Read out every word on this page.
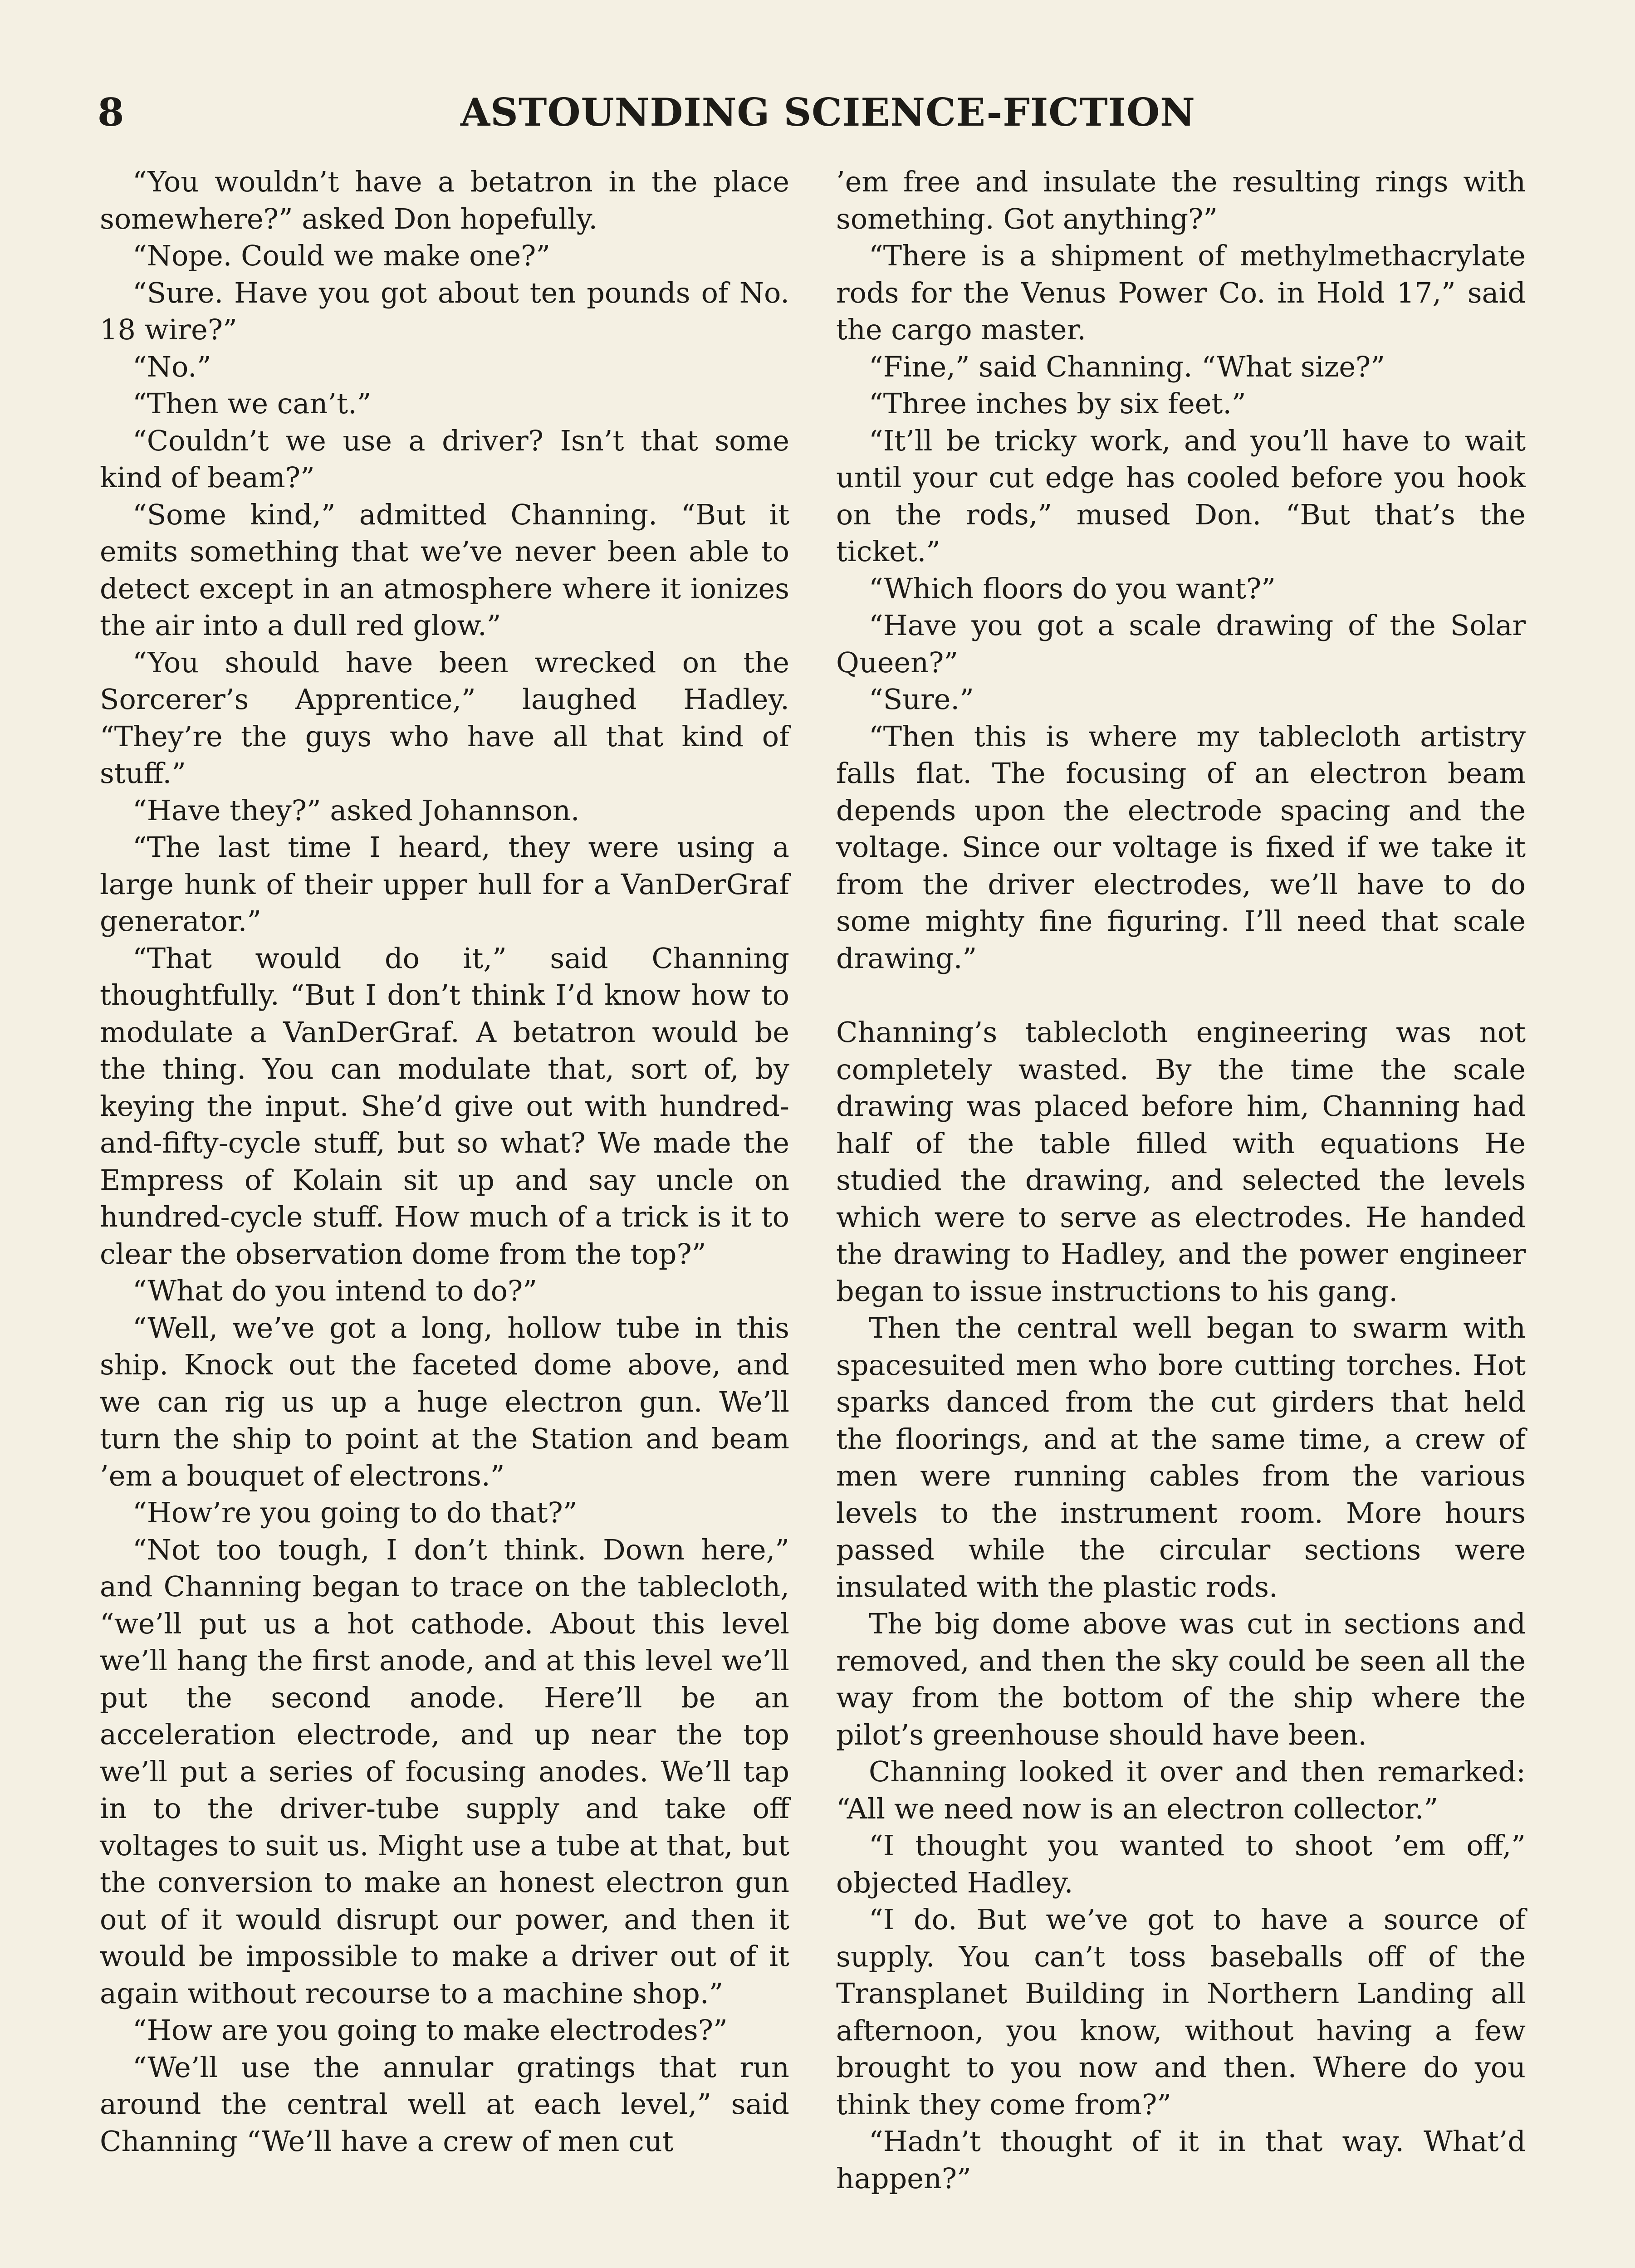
8	ASTOUNDING SCIENCE-FICTION

“You wouldn’t have a betatron in the place somewhere?” asked Don hopefully.

“Nope. Could we make one?”

“Sure. Have you got about ten pounds of No. 18 wire?”

“No.”

“Then we can’t.”

“Couldn’t we use a driver? Isn’t that some kind of beam?”

“Some kind,” admitted Channing. “But it emits something that we’ve never been able to detect except in an atmosphere where it ionizes the air into a dull red glow.”

“You should have been wrecked on the Sorcerer’s Apprentice,” laughed Hadley. “They’re the guys who have all that kind of stuff.”

“Have they?” asked Johannson.

“The last time I heard, they were using a large hunk of their upper hull for a VanDerGraf generator.”

“That would do it,” said Channing thoughtfully. “But I don’t think I’d know how to modulate a VanDerGraf. A betatron would be the thing. You can modulate that, sort of, by keying the input. She’d give out with hundred-and-fifty-cycle stuff, but so what? We made the Empress of Kolain sit up and say uncle on hundred-cycle stuff. How much of a trick is it to clear the observation dome from the top?”

“What do you intend to do?”

“Well, we’ve got a long, hollow tube in this ship. Knock out the faceted dome above, and we can rig us up a huge electron gun. We’ll turn the ship to point at the Station and beam ’em a bouquet of electrons.”

“How’re you going to do that?”

“Not too tough, I don’t think. Down here,” and Channing began to trace on the tablecloth, “we’ll put us a hot cathode. About this level we’ll hang the first anode, and at this level we’ll put the second anode. Here’ll be an acceleration electrode, and up near the top we’ll put a series of focusing anodes. We’ll tap in to the driver-tube supply and take off voltages to suit us. Might use a tube at that, but the conversion to make an honest electron gun out of it would disrupt our power, and then it would be impossible to make a driver out of it again without recourse to a machine shop.”

“How are you going to make electrodes?”

“We’ll use the annular gratings that run around the central well at each level,” said Channing “We’ll have a crew of men cut

’em free and insulate the resulting rings with something. Got anything?”

“There is a shipment of methylmethacrylate rods for the Venus Power Co. in Hold 17,” said the cargo master.

“Fine,” said Channing. “What size?”

“Three inches by six feet.”

“It’ll be tricky work, and you’ll have to wait until your cut edge has cooled before you hook on the rods,” mused Don. “But that’s the ticket.”

“Which floors do you want?”

“Have you got a scale drawing of the Solar Queen?”

“Sure.”

“Then this is where my tablecloth artistry falls flat. The focusing of an electron beam depends upon the electrode spacing and the voltage. Since our voltage is fixed if we take it from the driver electrodes, we’ll have to do some mighty fine figuring. I’ll need that scale drawing.”

Channing’s tablecloth engineering was not completely wasted. By the time the scale drawing was placed before him, Channing had half of the table filled with equations He studied the drawing, and selected the levels which were to serve as electrodes. He handed the drawing to Hadley, and the power engineer began to issue instructions to his gang.

Then the central well began to swarm with spacesuited men who bore cutting torches. Hot sparks danced from the cut girders that held the floorings, and at the same time, a crew of men were running cables from the various levels to the instrument room. More hours passed while the circular sections were insulated with the plastic rods.

The big dome above was cut in sections and removed, and then the sky could be seen all the way from the bottom of the ship where the pilot’s greenhouse should have been.

Channing looked it over and then remarked: “All we need now is an electron collector.”

“I thought you wanted to shoot ’em off,” objected Hadley.

“I do. But we’ve got to have a source of supply. You can’t toss baseballs off of the Transplanet Building in Northern Landing all afternoon, you know, without having a few brought to you now and then. Where do you think they come from?”

“Hadn’t thought of it in that way. What’d happen?”
